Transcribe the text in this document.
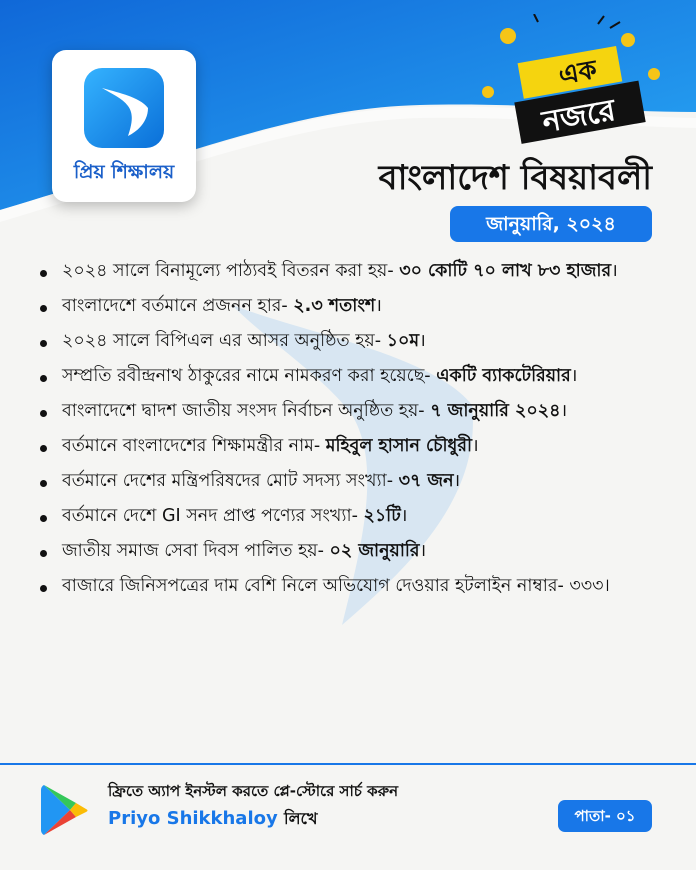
প্রিয় শিক্ষালয়
এক
নজরে
বাংলাদেশ বিষয়াবলী
জানুয়ারি, ২০২৪
২০২৪ সালে বিনামূল্যে পাঠ্যবই বিতরন করা হয়- ৩০ কোটি ৭০ লাখ ৮৩ হাজার।
বাংলাদেশে বর্তমানে প্রজনন হার- ২.৩ শতাংশ।
২০২৪ সালে বিপিএল এর আসর অনুষ্ঠিত হয়- ১০ম।
সম্প্রতি রবীন্দ্রনাথ ঠাকুরের নামে নামকরণ করা হয়েছে- একটি ব্যাকটেরিয়ার।
বাংলাদেশে দ্বাদশ জাতীয় সংসদ নির্বাচন অনুষ্ঠিত হয়- ৭ জানুয়ারি ২০২৪।
বর্তমানে বাংলাদেশের শিক্ষামন্ত্রীর নাম- মহিবুল হাসান চৌধুরী।
বর্তমানে দেশের মন্ত্রিপরিষদের মোট সদস্য সংখ্যা- ৩৭ জন।
বর্তমানে দেশে GI সনদ প্রাপ্ত পণ্যের সংখ্যা- ২১টি।
জাতীয় সমাজ সেবা দিবস পালিত হয়- ০২ জানুয়ারি।
বাজারে জিনিসপত্রের দাম বেশি নিলে অভিযোগ দেওয়ার হটলাইন নাম্বার- ৩৩৩।
ফ্রিতে অ্যাপ ইনস্টল করতে প্লে-স্টোরে সার্চ করুন
Priyo Shikkhaloy লিখে	পাতা- ০১
